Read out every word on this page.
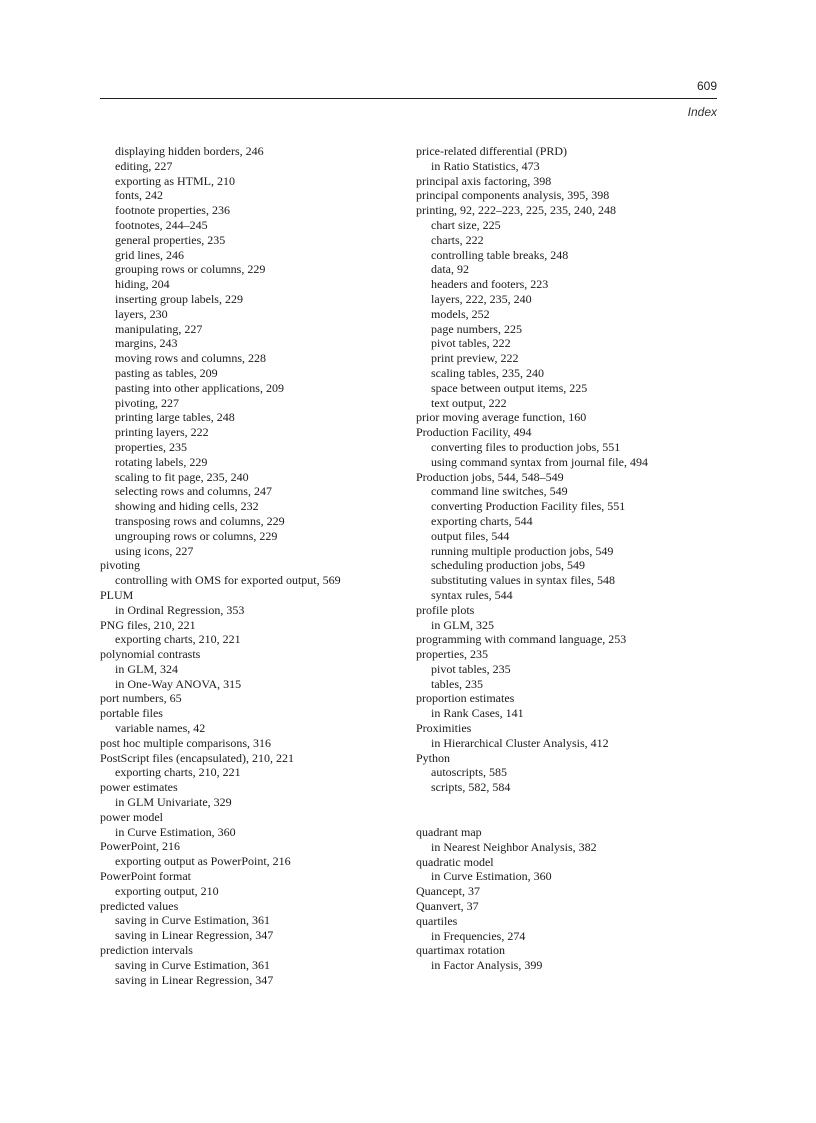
609
Index
displaying hidden borders, 246
editing, 227
exporting as HTML, 210
fonts, 242
footnote properties, 236
footnotes, 244–245
general properties, 235
grid lines, 246
grouping rows or columns, 229
hiding, 204
inserting group labels, 229
layers, 230
manipulating, 227
margins, 243
moving rows and columns, 228
pasting as tables, 209
pasting into other applications, 209
pivoting, 227
printing large tables, 248
printing layers, 222
properties, 235
rotating labels, 229
scaling to fit page, 235, 240
selecting rows and columns, 247
showing and hiding cells, 232
transposing rows and columns, 229
ungrouping rows or columns, 229
using icons, 227
pivoting
controlling with OMS for exported output, 569
PLUM
in Ordinal Regression, 353
PNG files, 210, 221
exporting charts, 210, 221
polynomial contrasts
in GLM, 324
in One-Way ANOVA, 315
port numbers, 65
portable files
variable names, 42
post hoc multiple comparisons, 316
PostScript files (encapsulated), 210, 221
exporting charts, 210, 221
power estimates
in GLM Univariate, 329
power model
in Curve Estimation, 360
PowerPoint, 216
exporting output as PowerPoint, 216
PowerPoint format
exporting output, 210
predicted values
saving in Curve Estimation, 361
saving in Linear Regression, 347
prediction intervals
saving in Curve Estimation, 361
saving in Linear Regression, 347
price-related differential (PRD)
in Ratio Statistics, 473
principal axis factoring, 398
principal components analysis, 395, 398
printing, 92, 222–223, 225, 235, 240, 248
chart size, 225
charts, 222
controlling table breaks, 248
data, 92
headers and footers, 223
layers, 222, 235, 240
models, 252
page numbers, 225
pivot tables, 222
print preview, 222
scaling tables, 235, 240
space between output items, 225
text output, 222
prior moving average function, 160
Production Facility, 494
converting files to production jobs, 551
using command syntax from journal file, 494
Production jobs, 544, 548–549
command line switches, 549
converting Production Facility files, 551
exporting charts, 544
output files, 544
running multiple production jobs, 549
scheduling production jobs, 549
substituting values in syntax files, 548
syntax rules, 544
profile plots
in GLM, 325
programming with command language, 253
properties, 235
pivot tables, 235
tables, 235
proportion estimates
in Rank Cases, 141
Proximities
in Hierarchical Cluster Analysis, 412
Python
autoscripts, 585
scripts, 582, 584
quadrant map
in Nearest Neighbor Analysis, 382
quadratic model
in Curve Estimation, 360
Quancept, 37
Quanvert, 37
quartiles
in Frequencies, 274
quartimax rotation
in Factor Analysis, 399
